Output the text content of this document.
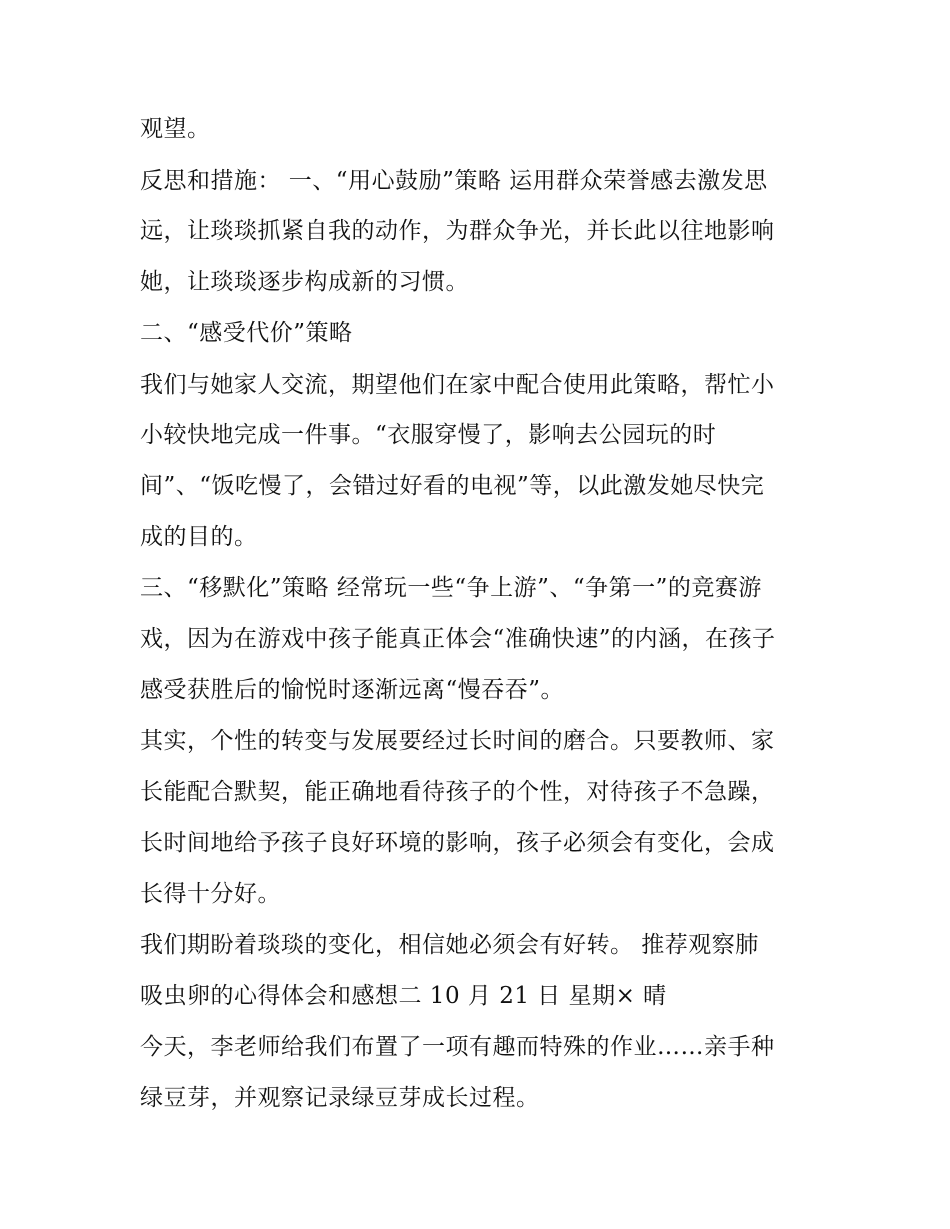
观望。

反思和措施： 一、“用心鼓励”策略 运用群众荣誉感去激发思

远，让琰琰抓紧自我的动作，为群众争光，并长此以往地影响

她，让琰琰逐步构成新的习惯。

二、“感受代价”策略

我们与她家人交流，期望他们在家中配合使用此策略，帮忙小

小较快地完成一件事。“衣服穿慢了，影响去公园玩的时

间”、“饭吃慢了，会错过好看的电视”等，以此激发她尽快完

成的目的。

三、“移默化”策略 经常玩一些“争上游”、“争第一”的竞赛游

戏，因为在游戏中孩子能真正体会“准确快速”的内涵，在孩子

感受获胜后的愉悦时逐渐远离“慢吞吞”。

其实，个性的转变与发展要经过长时间的磨合。只要教师、家

长能配合默契，能正确地看待孩子的个性，对待孩子不急躁，

长时间地给予孩子良好环境的影响，孩子必须会有变化，会成

长得十分好。

我们期盼着琰琰的变化，相信她必须会有好转。 推荐观察肺

吸虫卵的心得体会和感想二 10 月 21 日 星期× 晴

今天，李老师给我们布置了一项有趣而特殊的作业……亲手种

绿豆芽，并观察记录绿豆芽成长过程。
